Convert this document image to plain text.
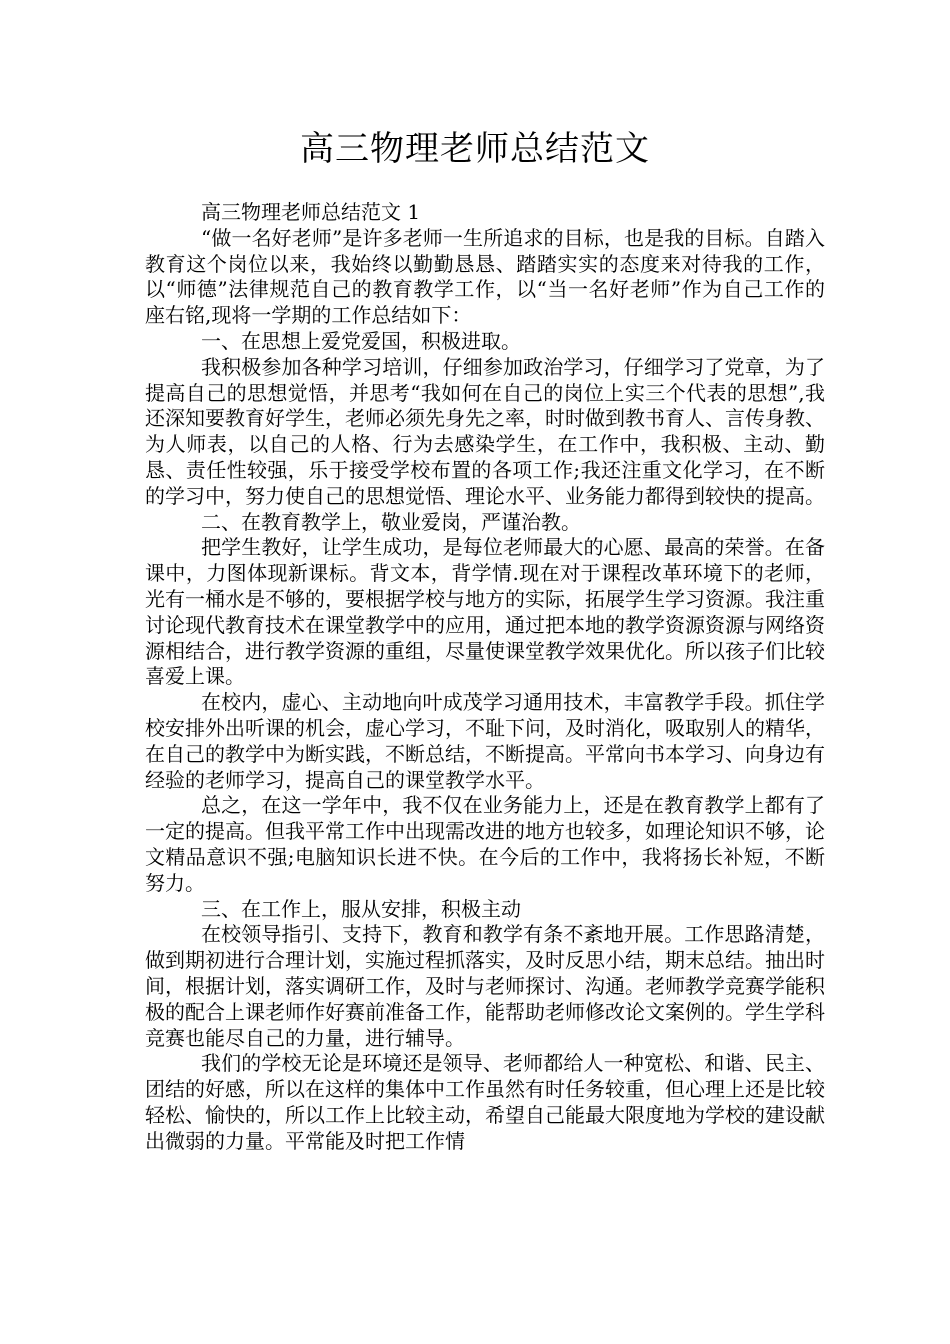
高三物理老师总结范文

高三物理老师总结范文 1

“做一名好老师”是许多老师一生所追求的目标，也是我的目标。自踏入教育这个岗位以来，我始终以勤勤恳恳、踏踏实实的态度来对待我的工作，以“师德”法律规范自己的教育教学工作，以“当一名好老师”作为自己工作的座右铭,现将一学期的工作总结如下：

一、在思想上爱党爱国，积极进取。

我积极参加各种学习培训，仔细参加政治学习，仔细学习了党章，为了提高自己的思想觉悟，并思考“我如何在自己的岗位上实三个代表的思想”,我还深知要教育好学生，老师必须先身先之率，时时做到教书育人、言传身教、为人师表，以自己的人格、行为去感染学生，在工作中，我积极、主动、勤恳、责任性较强，乐于接受学校布置的各项工作;我还注重文化学习，在不断的学习中，努力使自己的思想觉悟、理论水平、业务能力都得到较快的提高。

二、在教育教学上，敬业爱岗，严谨治教。

把学生教好，让学生成功，是每位老师最大的心愿、最高的荣誉。在备课中，力图体现新课标。背文本，背学情.现在对于课程改革环境下的老师，光有一桶水是不够的，要根据学校与地方的实际，拓展学生学习资源。我注重讨论现代教育技术在课堂教学中的应用，通过把本地的教学资源资源与网络资源相结合，进行教学资源的重组，尽量使课堂教学效果优化。所以孩子们比较喜爱上课。

在校内，虚心、主动地向叶成茂学习通用技术，丰富教学手段。抓住学校安排外出听课的机会，虚心学习，不耻下问，及时消化，吸取别人的精华，在自己的教学中为断实践，不断总结，不断提高。平常向书本学习、向身边有经验的老师学习，提高自己的课堂教学水平。

总之，在这一学年中，我不仅在业务能力上，还是在教育教学上都有了一定的提高。但我平常工作中出现需改进的地方也较多，如理论知识不够，论文精品意识不强;电脑知识长进不快。在今后的工作中，我将扬长补短，不断努力。

三、在工作上，服从安排，积极主动

在校领导指引、支持下，教育和教学有条不紊地开展。工作思路清楚，做到期初进行合理计划，实施过程抓落实，及时反思小结，期末总结。抽出时间，根据计划，落实调研工作，及时与老师探讨、沟通。老师教学竞赛学能积极的配合上课老师作好赛前准备工作，能帮助老师修改论文案例的。学生学科竞赛也能尽自己的力量，进行辅导。

我们的学校无论是环境还是领导、老师都给人一种宽松、和谐、民主、团结的好感，所以在这样的集体中工作虽然有时任务较重，但心理上还是比较轻松、愉快的，所以工作上比较主动，希望自己能最大限度地为学校的建设献出微弱的力量。平常能及时把工作情
